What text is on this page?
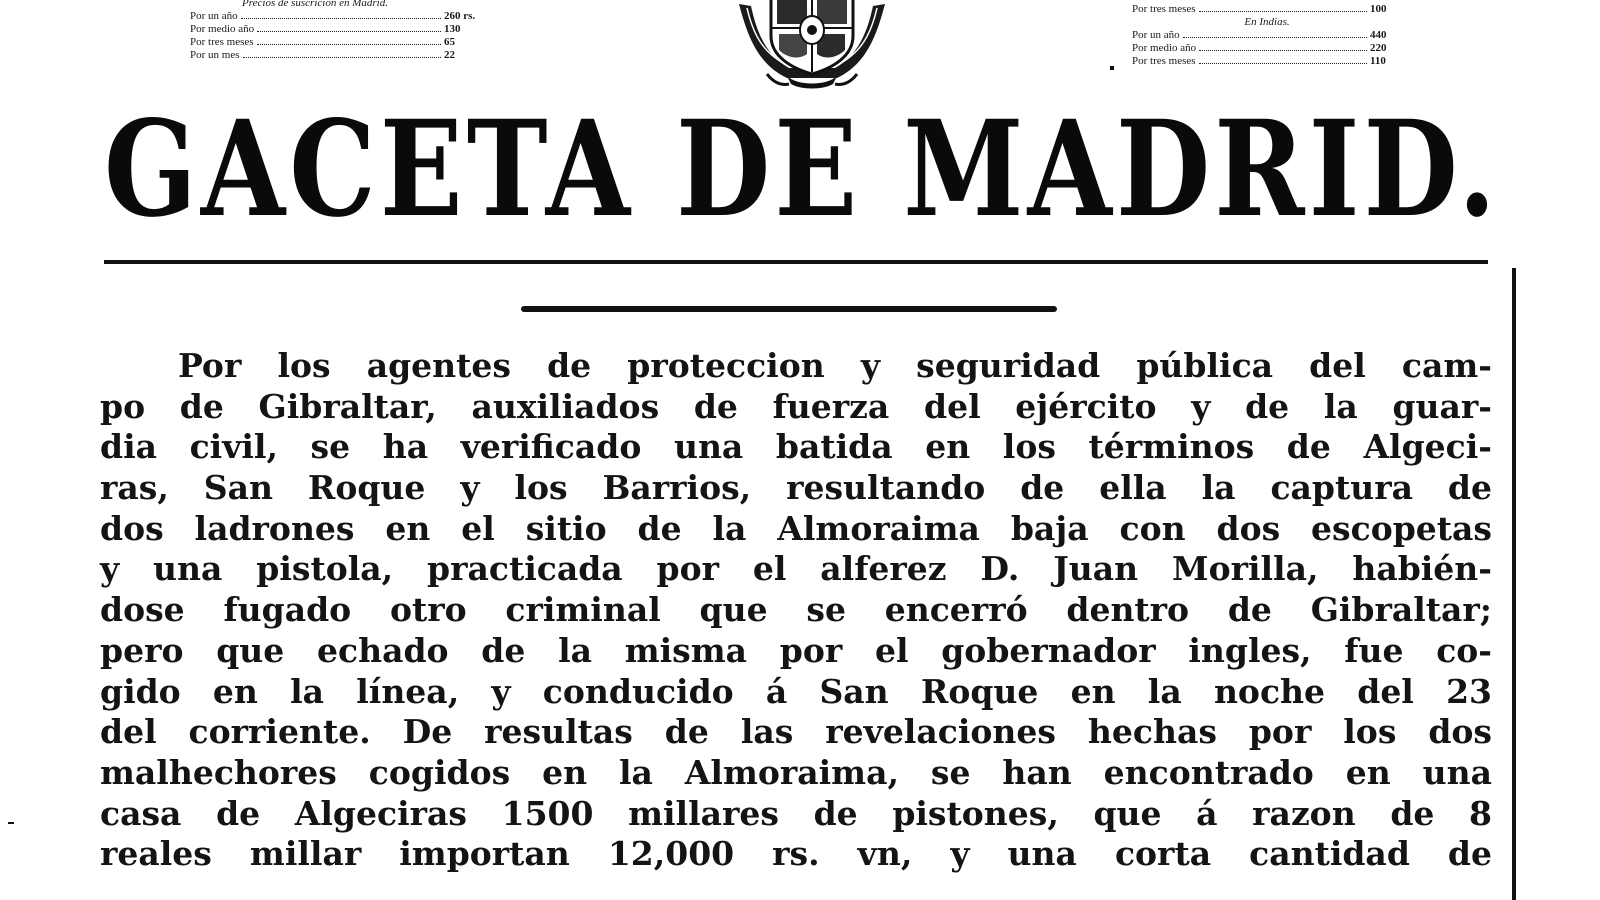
Precios de suscricion en Madrid.
Por un año	260 rs.
Por medio año	130
Por tres meses	65
Por un mes	22
Por tres meses	100
En Indias.
Por un año	440
Por medio año	220
Por tres meses	110
GACETA DE MADRID.
Por los agentes de proteccion y seguridad pública del cam-
po de Gibraltar, auxiliados de fuerza del ejército y de la guar-
dia civil, se ha verificado una batida en los términos de Algeci-
ras, San Roque y los Barrios, resultando de ella la captura de
dos ladrones en el sitio de la Almoraima baja con dos escopetas
y una pistola, practicada por el alferez D. Juan Morilla, habién-
dose fugado otro criminal que se encerró dentro de Gibraltar;
pero que echado de la misma por el gobernador ingles, fue co-
gido en la línea, y conducido á San Roque en la noche del 23
del corriente. De resultas de las revelaciones hechas por los dos
malhechores cogidos en la Almoraima, se han encontrado en una
casa de Algeciras 1500 millares de pistones, que á razon de 8
reales millar importan 12,000 rs. vn, y una corta cantidad de
